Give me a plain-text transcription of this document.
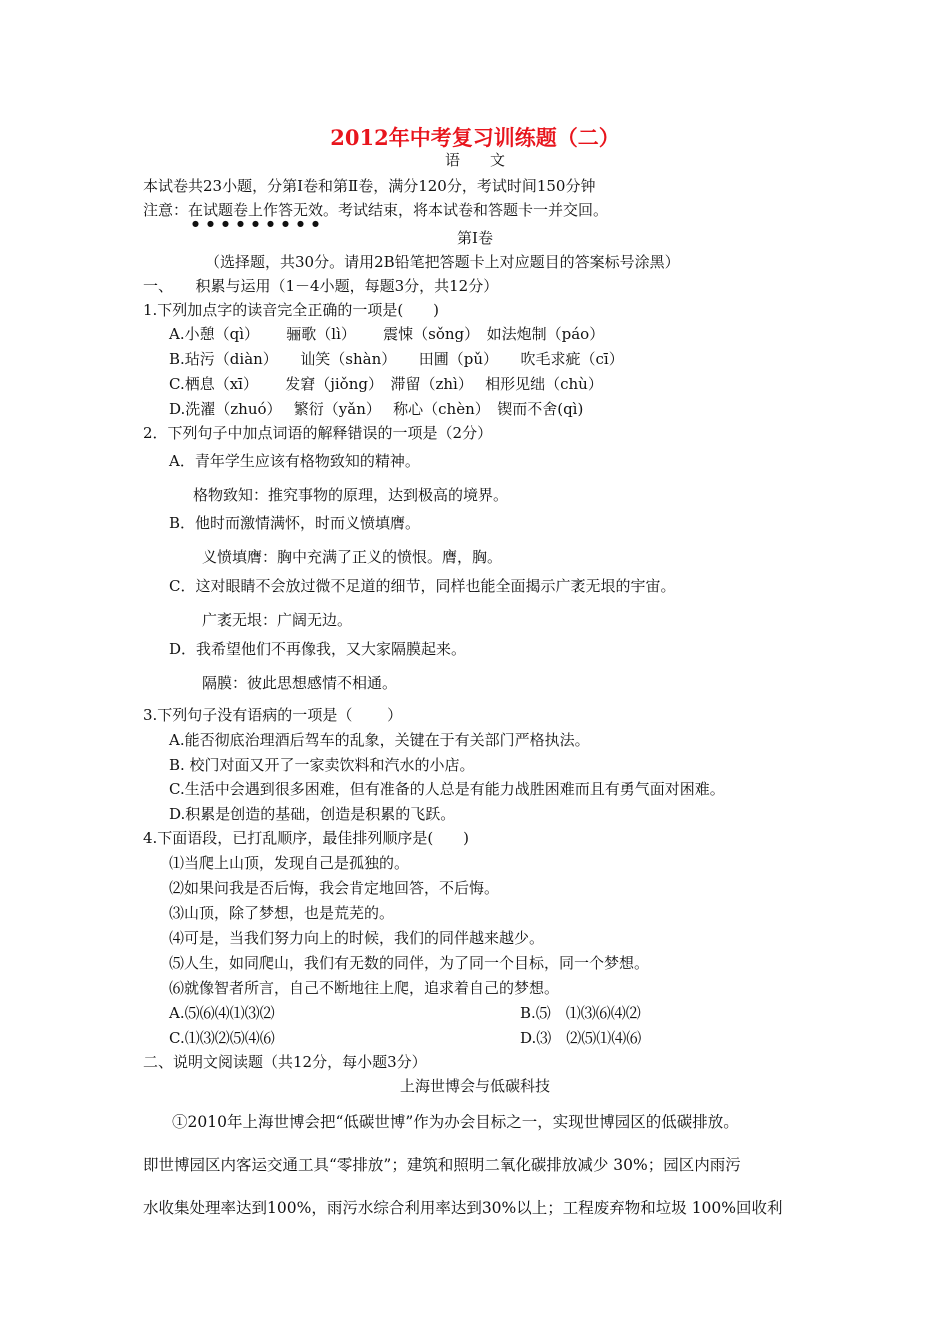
2012年中考复习训练题（二）
语　　文
本试卷共23小题，分第Ⅰ卷和第Ⅱ卷，满分120分，考试时间150分钟
注意：在试题卷上作答无效。考试结束，将本试卷和答题卡一并交回。
第Ⅰ卷
（选择题，共30分。请用2B铅笔把答题卡上对应题目的答案标号涂黑）
一、　　积累与运用（1－4小题，每题3分，共12分）
1.下列加点字的读音完全正确的一项是(　　)
A.小憩（qì）　　 骊歌（lì）　　 震悚（sǒng）　如法炮制（páo）
B.玷污（diàn）　　讪笑（shàn）　　田圃（pǔ）　　吹毛求疵（cī）
C.栖息（xī）　　 发窘（jiǒng）　滞留（zhì）　 相形见绌（chù）
D.洗濯（zhuó）　 繁衍（yǎn）　 称心（chèn）　锲而不舍(qì)
2．下列句子中加点词语的解释错误的一项是（2分）
A．青年学生应该有格物致知的精神。
格物致知：推究事物的原理，达到极高的境界。
B．他时而激情满怀，时而义愤填膺。
义愤填膺：胸中充满了正义的愤恨。膺，胸。
C．这对眼睛不会放过微不足道的细节，同样也能全面揭示广袤无垠的宇宙。
广袤无垠：广阔无边。
D．我希望他们不再像我，又大家隔膜起来。
隔膜：彼此思想感情不相通。
3.下列句子没有语病的一项是（　　 ）
A.能否彻底治理酒后驾车的乱象，关键在于有关部门严格执法。
B. 校门对面又开了一家卖饮料和汽水的小店。
C.生活中会遇到很多困难，但有准备的人总是有能力战胜困难而且有勇气面对困难。
D.积累是创造的基础，创造是积累的飞跃。
4.下面语段，已打乱顺序，最佳排列顺序是(　　)
⑴当爬上山顶，发现自己是孤独的。
⑵如果问我是否后悔，我会肯定地回答，不后悔。
⑶山顶，除了梦想，也是荒芜的。
⑷可是，当我们努力向上的时候，我们的同伴越来越少。
⑸人生，如同爬山，我们有无数的同伴，为了同一个目标，同一个梦想。
⑹就像智者所言，自己不断地往上爬，追求着自己的梦想。
A.⑸⑹⑷⑴⑶⑵	B.⑸　⑴⑶⑹⑷⑵
C.⑴⑶⑵⑸⑷⑹	D.⑶　⑵⑸⑴⑷⑹
二、说明文阅读题（共12分，每小题3分）
上海世博会与低碳科技
①2010年上海世博会把“低碳世博”作为办会目标之一，实现世博园区的低碳排放。
即世博园区内客运交通工具“零排放”；建筑和照明二氧化碳排放减少 30%；园区内雨污
水收集处理率达到100%，雨污水综合利用率达到30%以上；工程废弃物和垃圾 100%回收利
